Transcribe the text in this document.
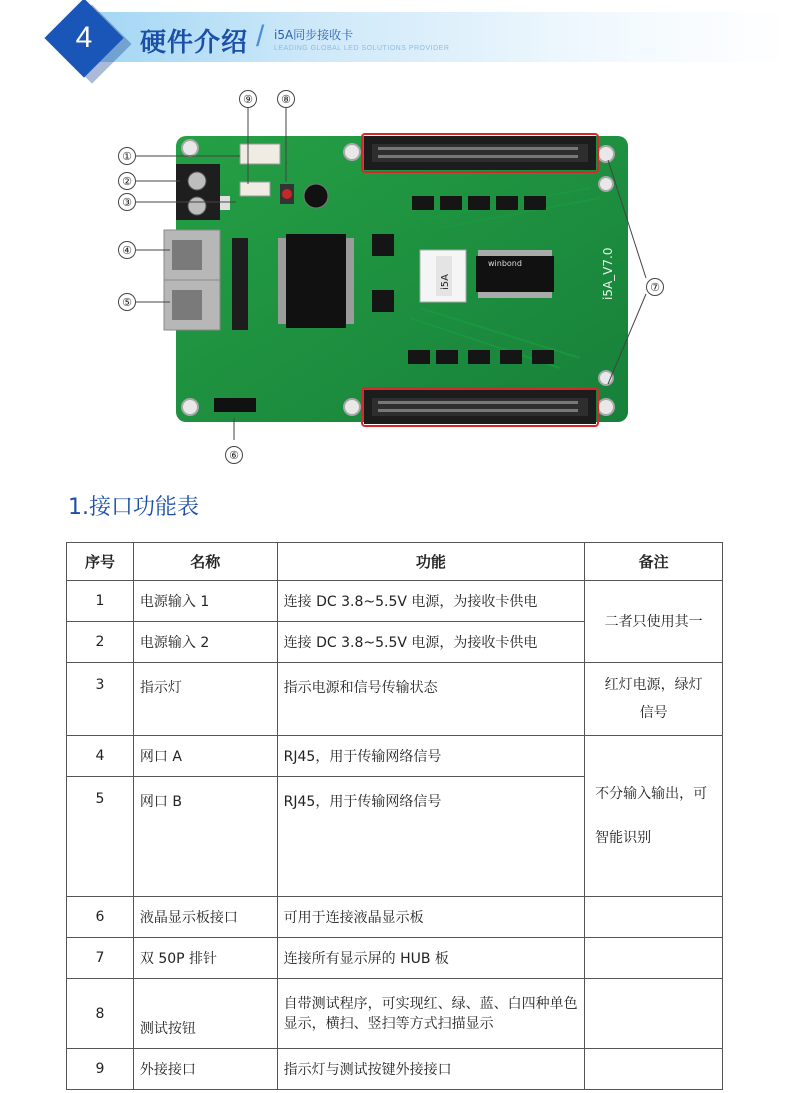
4	硬件介绍 / i5A同步接收卡
LEADING GLOBAL LED SOLUTIONS PROVIDER
i5A_V7.0
winbond
i5A
①
②
③
④
⑤
⑥
⑦
⑧
⑨
1.接口功能表
序号	名称	功能	备注
1	电源输入 1	连接 DC 3.8~5.5V 电源，为接收卡供电	二者只使用其一
2	电源输入 2	连接 DC 3.8~5.5V 电源，为接收卡供电	
3	指示灯	指示电源和信号传输状态	红灯电源，绿灯信号
4	网口 A	RJ45，用于传输网络信号	不分输入输出，可智能识别
5	网口 B	RJ45，用于传输网络信号	
6	液晶显示板接口	可用于连接液晶显示板	
7	双 50P 排针	连接所有显示屏的 HUB 板	
8	测试按钮	自带测试程序，可实现红、绿、蓝、白四种单色显示，横扫、竖扫等方式扫描显示	
9	外接接口	指示灯与测试按键外接接口	
